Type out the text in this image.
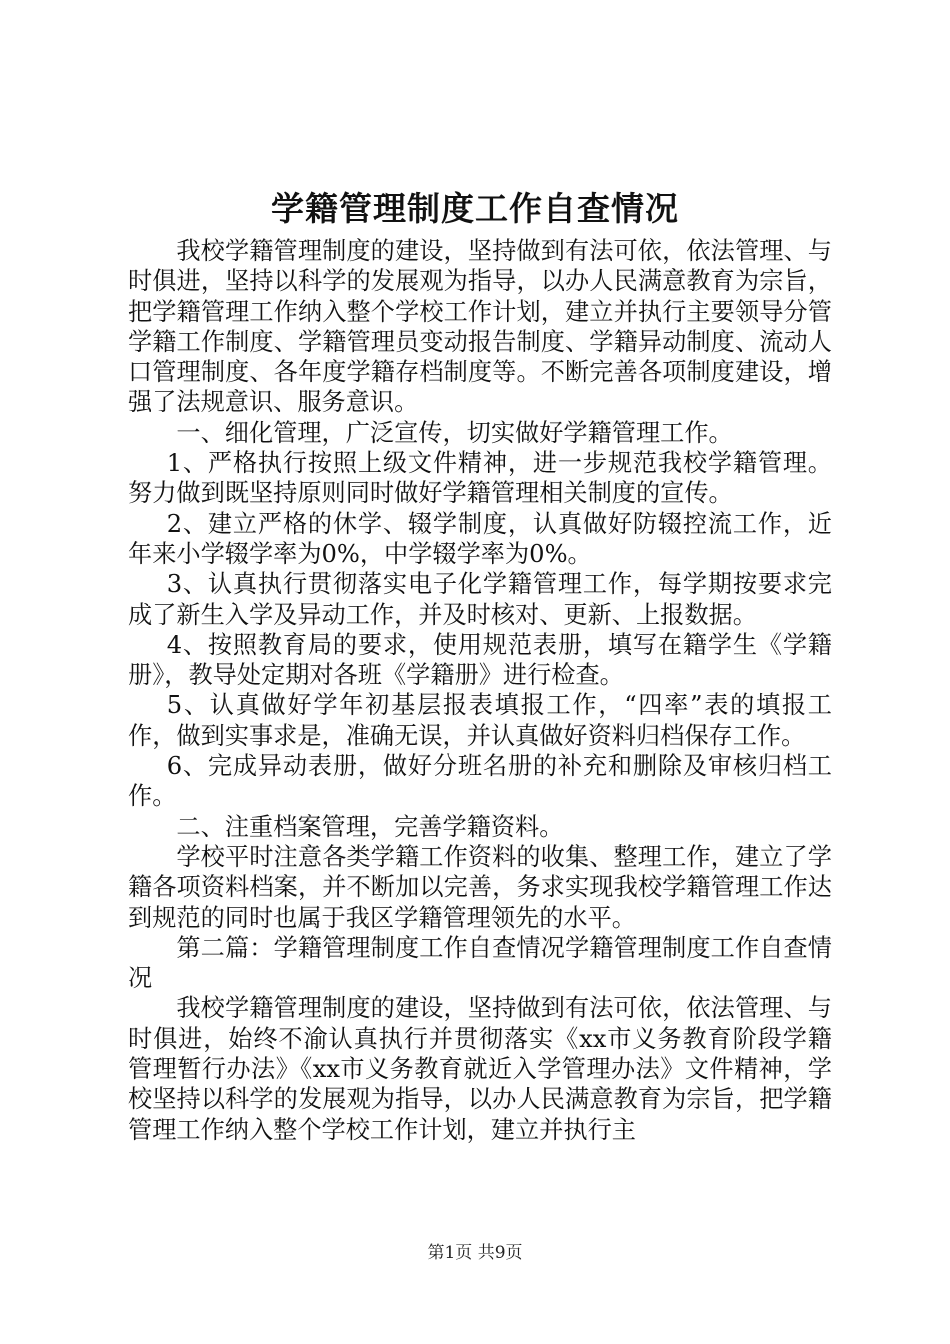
学籍管理制度工作自查情况

我校学籍管理制度的建设，坚持做到有法可依，依法管理、与时俱进，坚持以科学的发展观为指导，以办人民满意教育为宗旨，把学籍管理工作纳入整个学校工作计划，建立并执行主要领导分管学籍工作制度、学籍管理员变动报告制度、学籍异动制度、流动人口管理制度、各年度学籍存档制度等。不断完善各项制度建设，增强了法规意识、服务意识。

一、细化管理，广泛宣传，切实做好学籍管理工作。

1、严格执行按照上级文件精神，进一步规范我校学籍管理。努力做到既坚持原则同时做好学籍管理相关制度的宣传。

2、建立严格的休学、辍学制度，认真做好防辍控流工作，近年来小学辍学率为0%，中学辍学率为0%。

3、认真执行贯彻落实电子化学籍管理工作，每学期按要求完成了新生入学及异动工作，并及时核对、更新、上报数据。

4、按照教育局的要求，使用规范表册，填写在籍学生《学籍册》，教导处定期对各班《学籍册》进行检查。

5、认真做好学年初基层报表填报工作，“四率”表的填报工作，做到实事求是，准确无误，并认真做好资料归档保存工作。

6、完成异动表册，做好分班名册的补充和删除及审核归档工作。

二、注重档案管理，完善学籍资料。

学校平时注意各类学籍工作资料的收集、整理工作，建立了学籍各项资料档案，并不断加以完善，务求实现我校学籍管理工作达到规范的同时也属于我区学籍管理领先的水平。

第二篇：学籍管理制度工作自查情况学籍管理制度工作自查情况

我校学籍管理制度的建设，坚持做到有法可依，依法管理、与时俱进，始终不渝认真执行并贯彻落实《xx市义务教育阶段学籍管理暂行办法》《xx市义务教育就近入学管理办法》文件精神，学校坚持以科学的发展观为指导，以办人民满意教育为宗旨，把学籍管理工作纳入整个学校工作计划，建立并执行主

第1页 共9页
